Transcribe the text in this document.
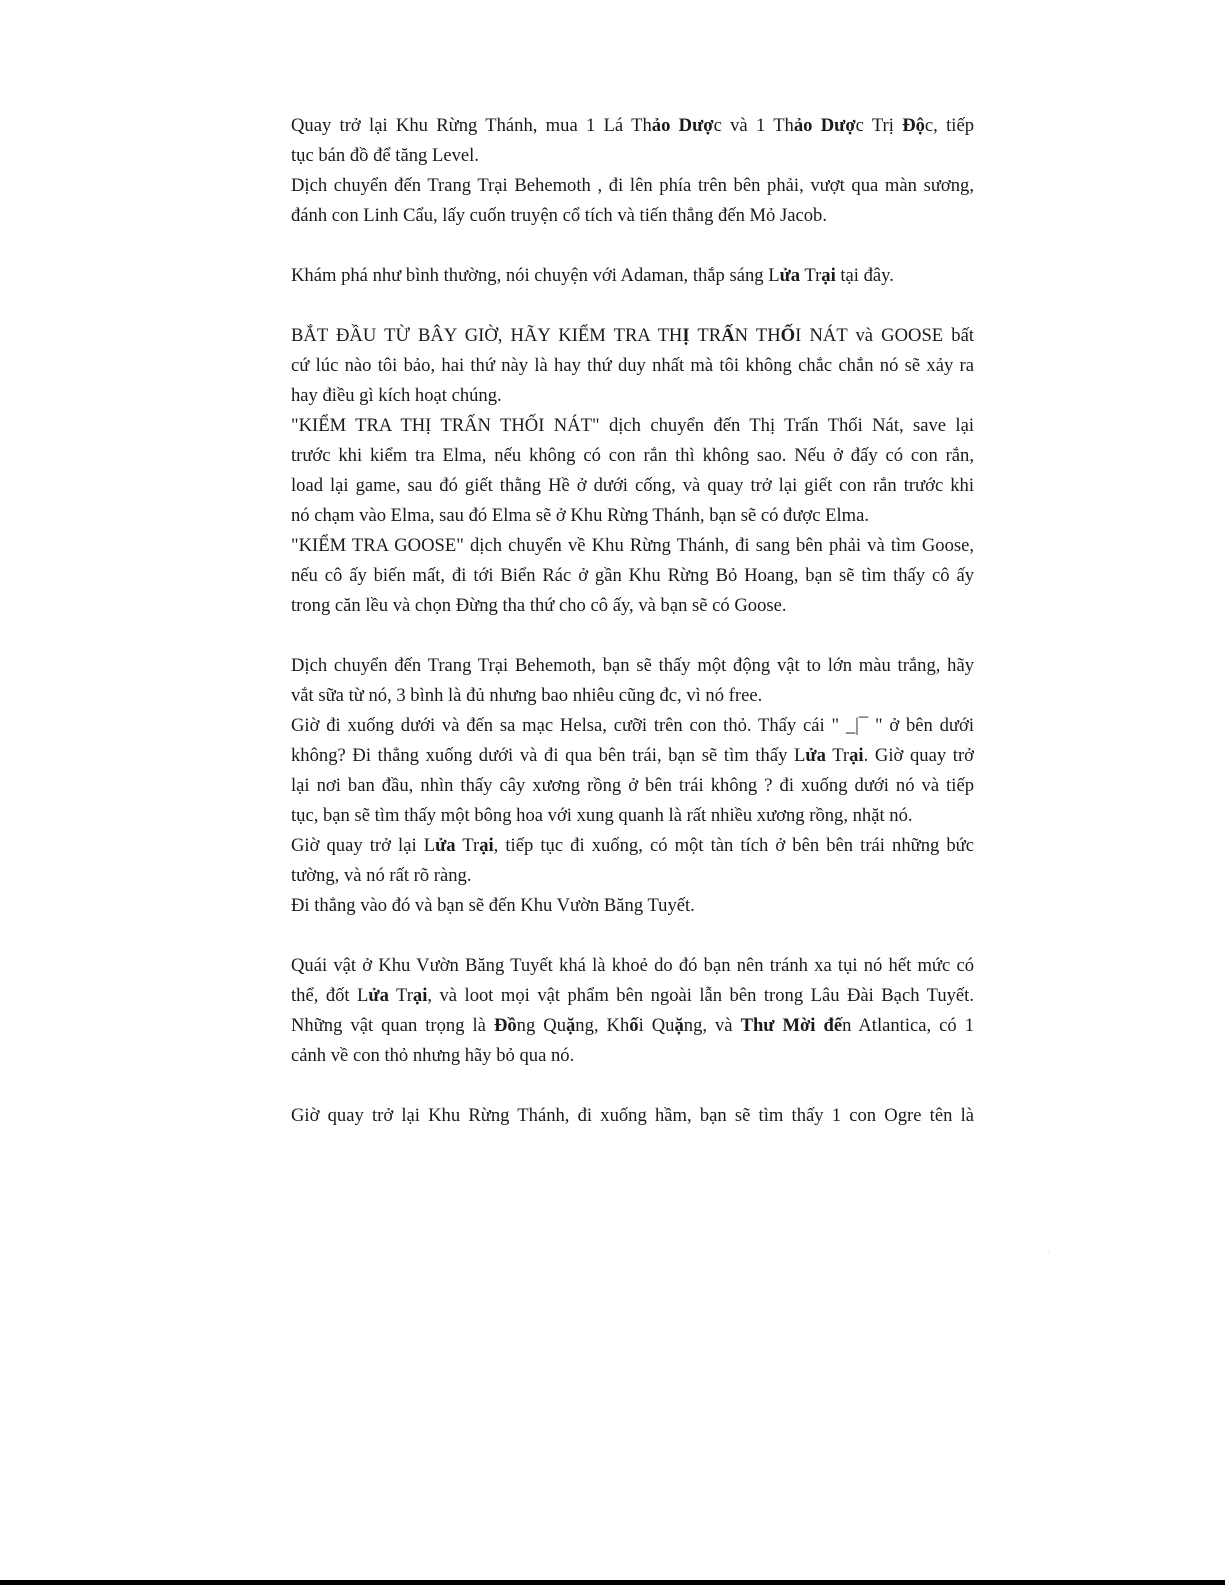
Quay trở lại Khu Rừng Thánh, mua 1 Lá Thảo Dược và 1 Thảo Dược Trị Độc, tiếp
tục bán đồ để tăng Level.
Dịch chuyển đến Trang Trại Behemoth , đi lên phía trên bên phải, vượt qua màn sương,
đánh con Linh Cẩu, lấy cuốn truyện cổ tích và tiến thẳng đến Mỏ Jacob.
Khám phá như bình thường, nói chuyện với Adaman, thắp sáng Lửa Trại tại đây.
BẮT ĐẦU TỪ BÂY GIỜ, HÃY KIỂM TRA THỊ TRẤN THỐI NÁT và GOOSE bất
cứ lúc nào tôi bảo, hai thứ này là hay thứ duy nhất mà tôi không chắc chắn nó sẽ xảy ra
hay điều gì kích hoạt chúng.
"KIỂM TRA THỊ TRẤN THỐI NÁT" dịch chuyển đến Thị Trấn Thối Nát, save lại
trước khi kiểm tra Elma, nếu không có con rắn thì không sao. Nếu ở đấy có con rắn,
load lại game, sau đó giết thằng Hề ở dưới cống, và quay trở lại giết con rắn trước khi
nó chạm vào Elma, sau đó Elma sẽ ở Khu Rừng Thánh, bạn sẽ có được Elma.
"KIỂM TRA GOOSE" dịch chuyển về Khu Rừng Thánh, đi sang bên phải và tìm Goose,
nếu cô ấy biến mất, đi tới Biển Rác ở gần Khu Rừng Bỏ Hoang, bạn sẽ tìm thấy cô ấy
trong căn lều và chọn Đừng tha thứ cho cô ấy, và bạn sẽ có Goose.
Dịch chuyển đến Trang Trại Behemoth, bạn sẽ thấy một động vật to lớn màu trắng, hãy
vắt sữa từ nó, 3 bình là đủ nhưng bao nhiêu cũng đc, vì nó free.
Giờ đi xuống dưới và đến sa mạc Helsa, cưỡi trên con thỏ. Thấy cái " _|¯ " ở bên dưới
không? Đi thẳng xuống dưới và đi qua bên trái, bạn sẽ tìm thấy Lửa Trại. Giờ quay trở
lại nơi ban đầu, nhìn thấy cây xương rồng ở bên trái không ? đi xuống dưới nó và tiếp
tục, bạn sẽ tìm thấy một bông hoa với xung quanh là rất nhiều xương rồng, nhặt nó.
Giờ quay trở lại Lửa Trại, tiếp tục đi xuống, có một tàn tích ở bên bên trái những bức
tường, và nó rất rõ ràng.
Đi thẳng vào đó và bạn sẽ đến Khu Vườn Băng Tuyết.
Quái vật ở Khu Vườn Băng Tuyết khá là khoẻ do đó bạn nên tránh xa tụi nó hết mức có
thể, đốt Lửa Trại, và loot mọi vật phẩm bên ngoài lẫn bên trong Lâu Đài Bạch Tuyết.
Những vật quan trọng là Đồng Quặng, Khối Quặng, và Thư Mời đến Atlantica, có 1
cảnh về con thỏ nhưng hãy bỏ qua nó.
Giờ quay trở lại Khu Rừng Thánh, đi xuống hầm, bạn sẽ tìm thấy 1 con Ogre tên là
